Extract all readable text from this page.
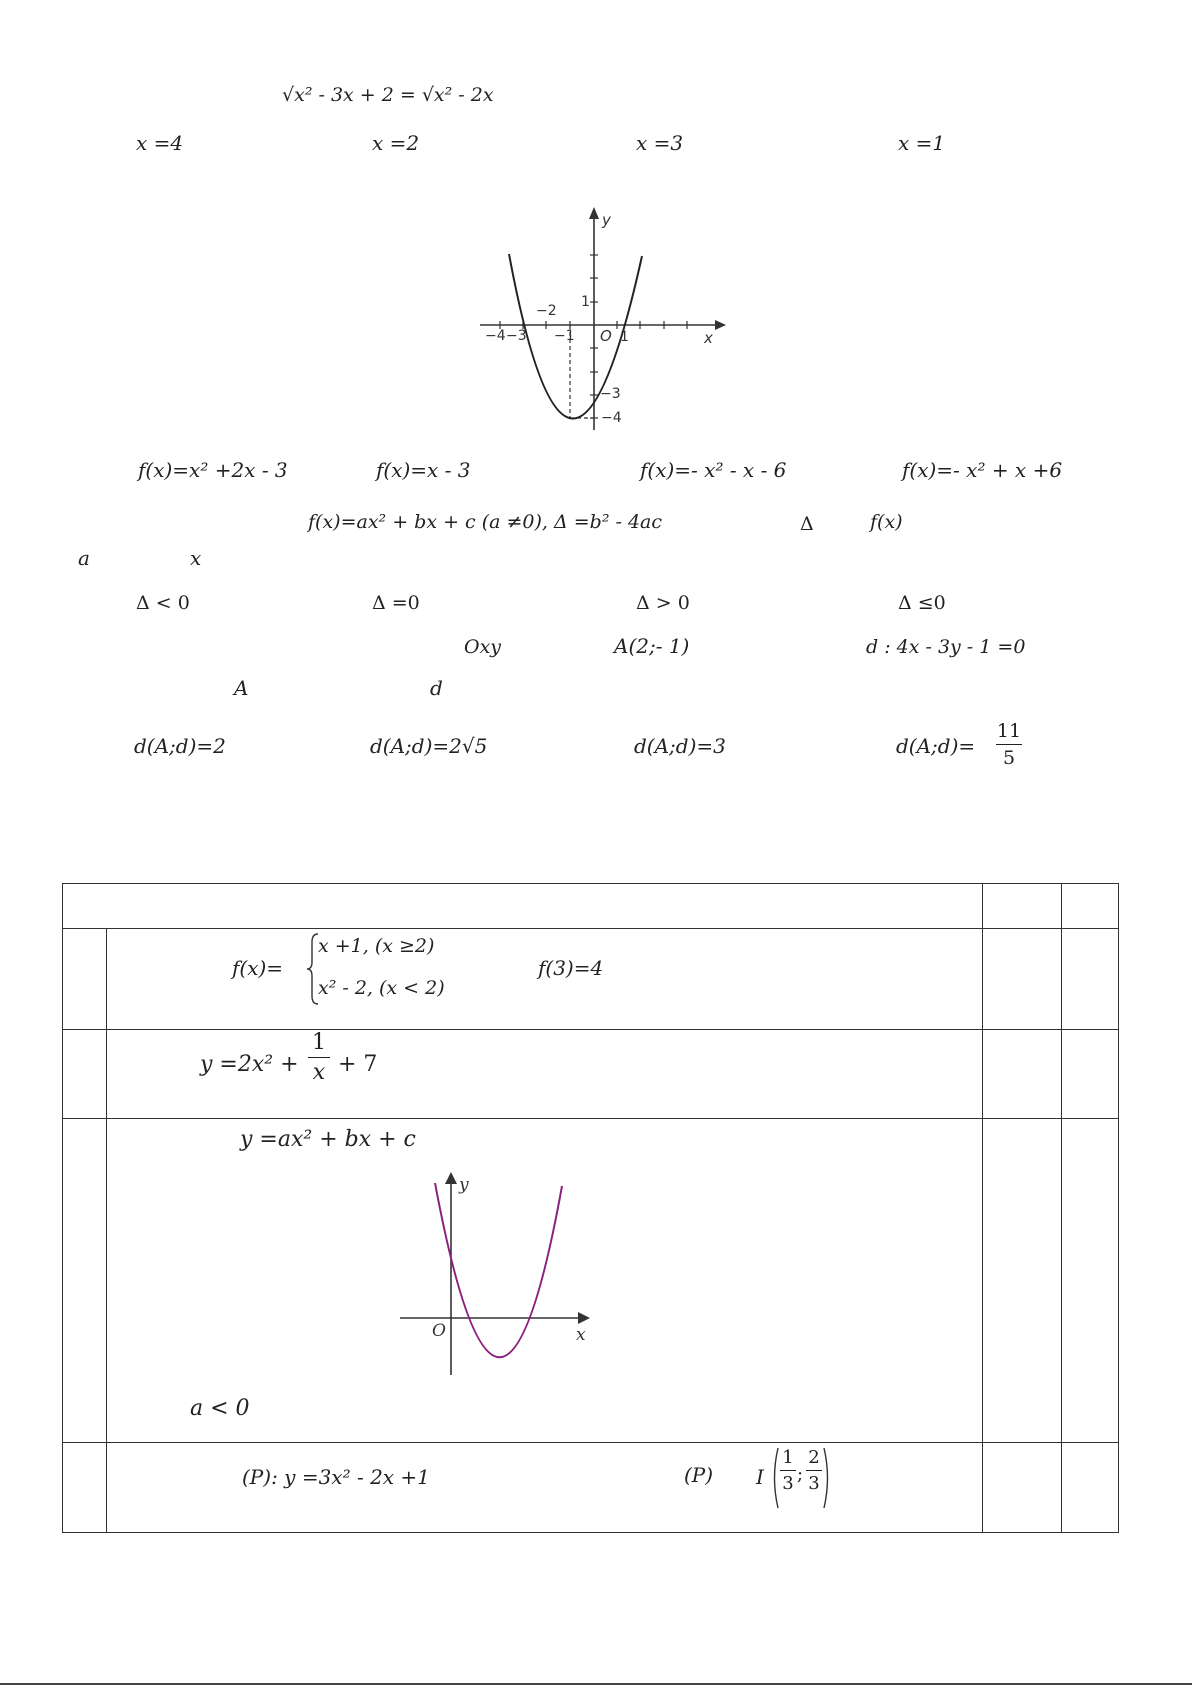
√x² - 3x + 2 = √x² - 2x
x =4	x =2	x =3	x =1
y
x
O
−4 −3 −1	1
−2
1
−3
−4
f(x)=x² +2x - 3	f(x)=x - 3	f(x)=- x² - x - 6	f(x)=- x² + x +6
f(x)=ax² + bx + c (a ≠0), Δ =b² - 4ac	Δ	f(x)
a	x
Δ < 0	Δ =0	Δ > 0	Δ ≤0
Oxy	A(2;- 1)	d : 4x - 3y - 1 =0
A	d
d(A;d)=2	d(A;d)=2√5	d(A;d)=3	d(A;d)=
11
5

f(x)=
x +1, (x ≥2)
x² - 2, (x < 2)
f(3)=4
y =2x² +
1
x + 7
y =ax² + bx + c
y
x
O
a < 0
(P): y =3x² - 2x +1	(P) I
1
3 ;
2
3
